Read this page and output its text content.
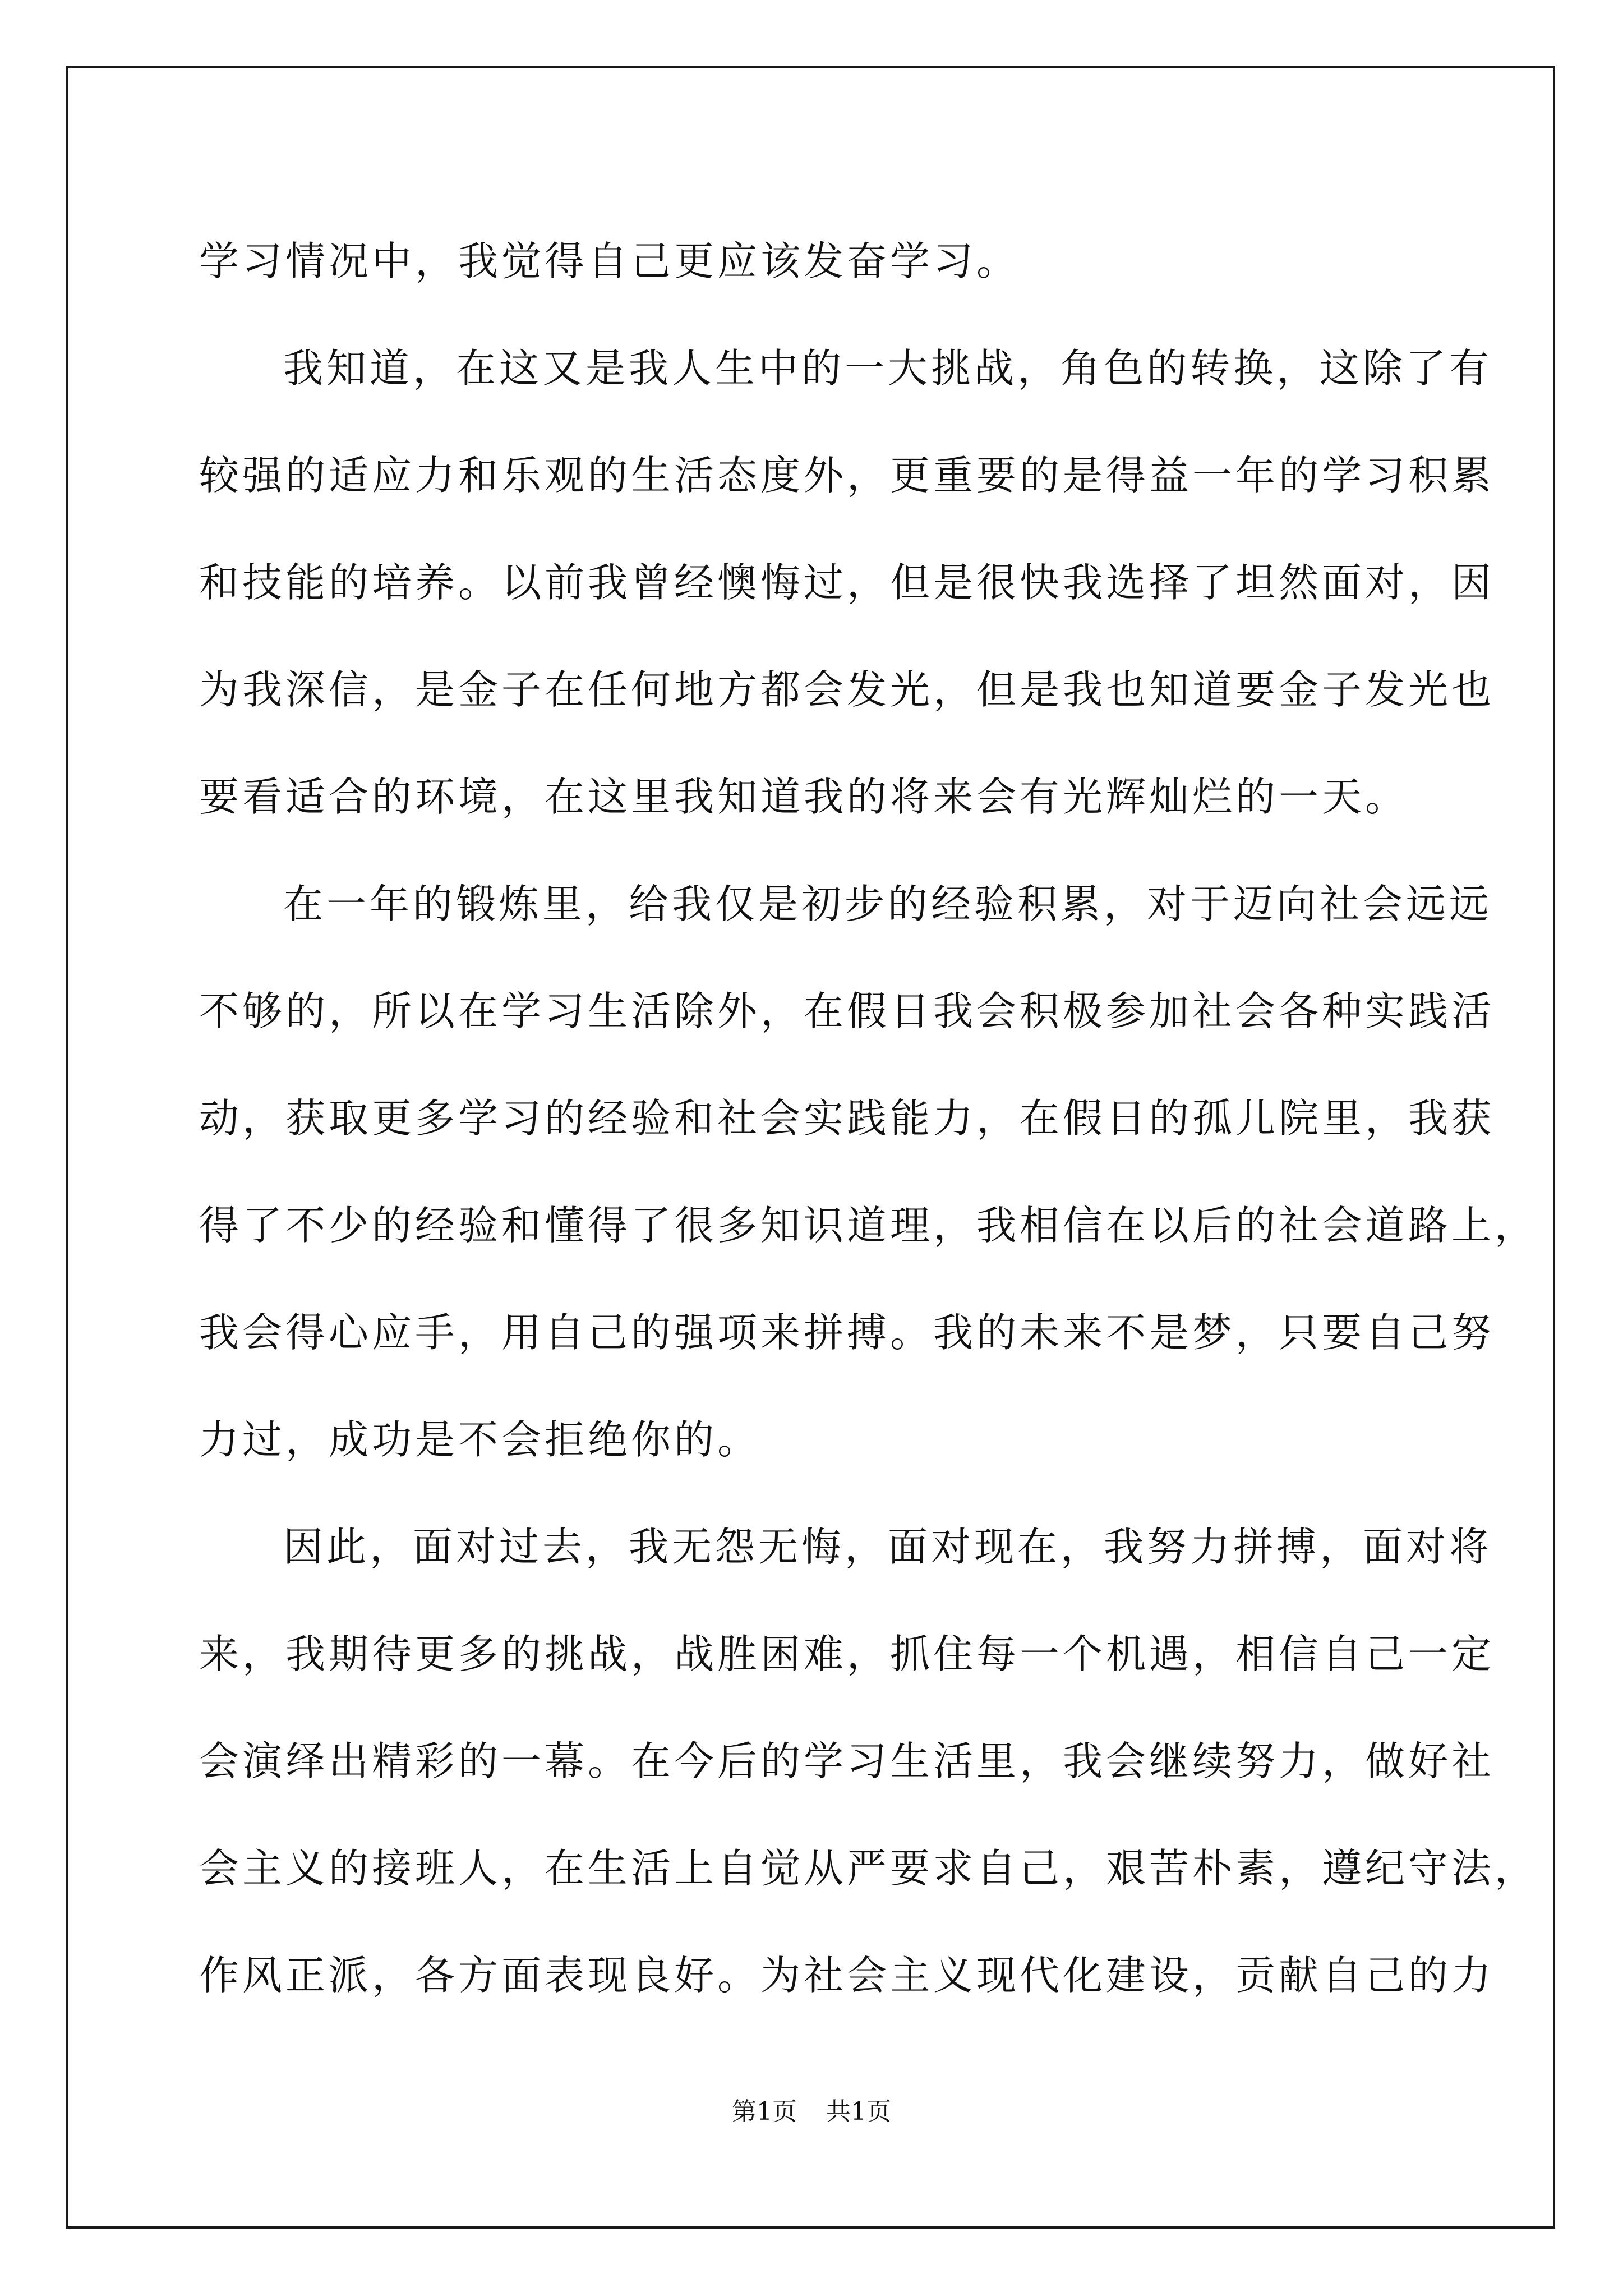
学习情况中，我觉得自己更应该发奋学习。
我知道，在这又是我人生中的一大挑战，角色的转换，这除了有
较强的适应力和乐观的生活态度外，更重要的是得益一年的学习积累
和技能的培养。以前我曾经懊悔过，但是很快我选择了坦然面对，因
为我深信，是金子在任何地方都会发光，但是我也知道要金子发光也
要看适合的环境，在这里我知道我的将来会有光辉灿烂的一天。
在一年的锻炼里，给我仅是初步的经验积累，对于迈向社会远远
不够的，所以在学习生活除外，在假日我会积极参加社会各种实践活
动，获取更多学习的经验和社会实践能力，在假日的孤儿院里，我获
得了不少的经验和懂得了很多知识道理，我相信在以后的社会道路上，
我会得心应手，用自己的强项来拼搏。我的未来不是梦，只要自己努
力过，成功是不会拒绝你的。
因此，面对过去，我无怨无悔，面对现在，我努力拼搏，面对将
来，我期待更多的挑战，战胜困难，抓住每一个机遇，相信自己一定
会演绎出精彩的一幕。在今后的学习生活里，我会继续努力，做好社
会主义的接班人，在生活上自觉从严要求自己，艰苦朴素，遵纪守法，
作风正派，各方面表现良好。为社会主义现代化建设，贡献自己的力
第1页 共1页
